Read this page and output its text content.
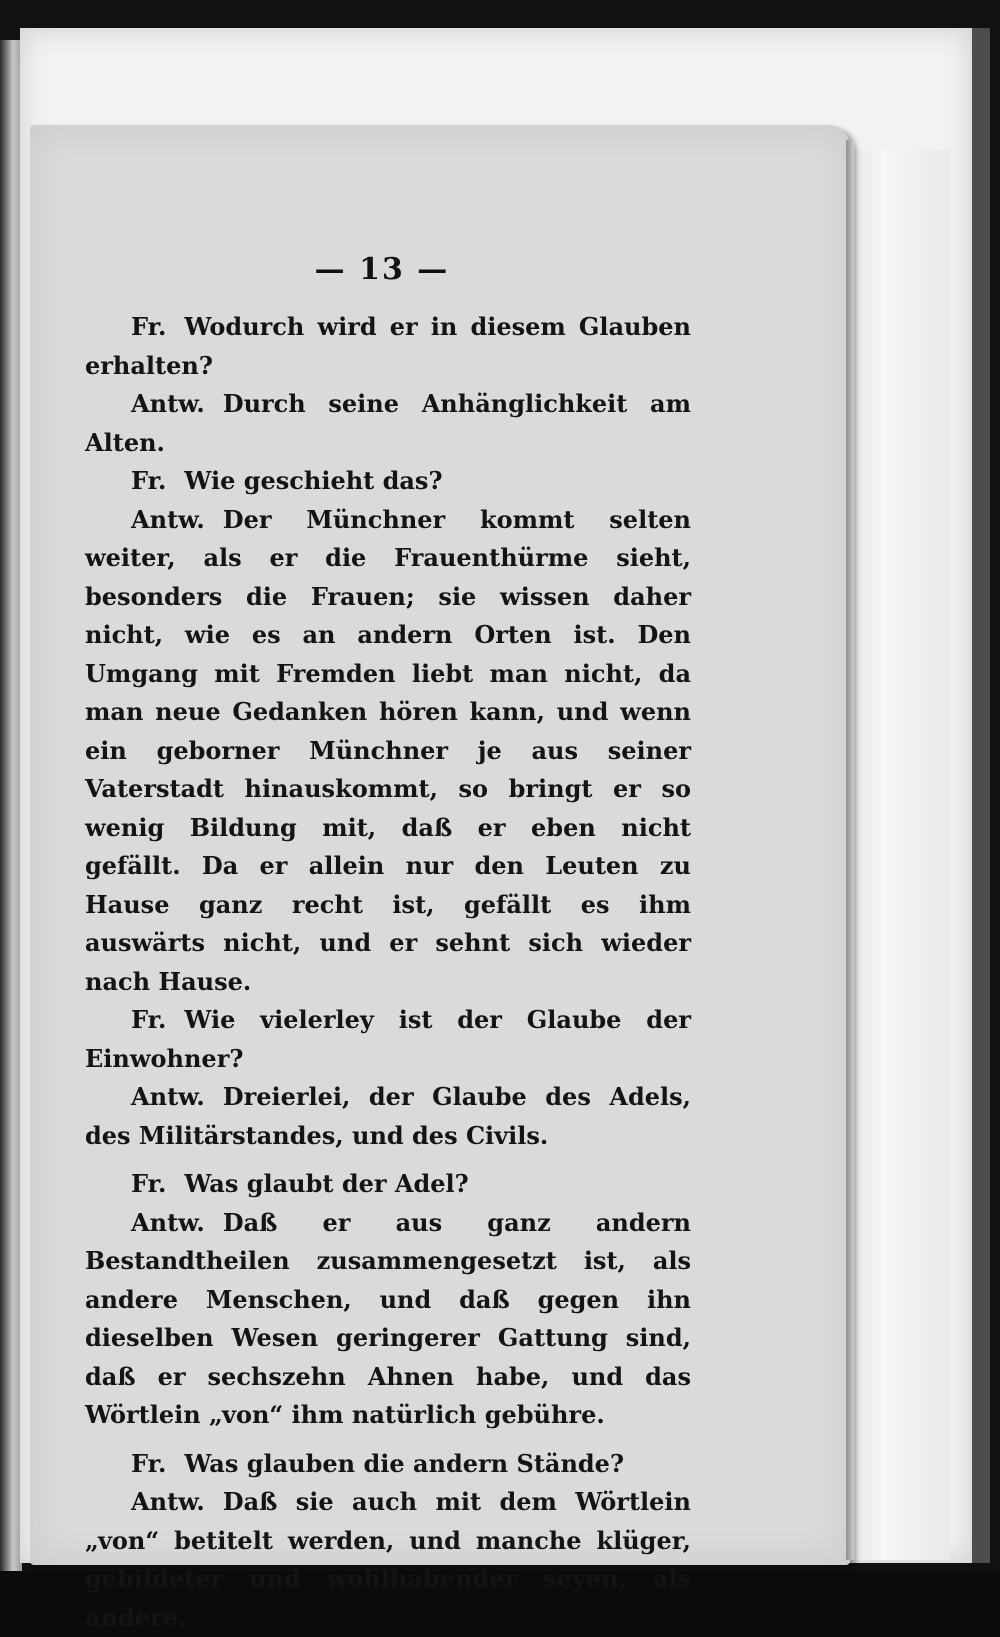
— 13 —

Fr. Wodurch wird er in diesem Glauben erhalten?

Antw. Durch seine Anhänglichkeit am Alten.

Fr. Wie geschieht das?

Antw. Der Münchner kommt selten weiter, als er die Frauenthürme sieht, besonders die Frauen; sie wissen daher nicht, wie es an andern Orten ist. Den Umgang mit Fremden liebt man nicht, da man neue Gedanken hören kann, und wenn ein geborner Münchner je aus seiner Vaterstadt hinauskommt, so bringt er so wenig Bildung mit, daß er eben nicht gefällt. Da er allein nur den Leuten zu Hause ganz recht ist, gefällt es ihm auswärts nicht, und er sehnt sich wieder nach Hause.

Fr. Wie vielerley ist der Glaube der Einwohner?

Antw. Dreierlei, der Glaube des Adels, des Militärstandes, und des Civils.

Fr. Was glaubt der Adel?

Antw. Daß er aus ganz andern Bestandtheilen zusammengesetzt ist, als andere Menschen, und daß gegen ihn dieselben Wesen geringerer Gattung sind, daß er sechszehn Ahnen habe, und das Wörtlein „von“ ihm natürlich gebühre.

Fr. Was glauben die andern Stände?

Antw. Daß sie auch mit dem Wörtlein „von“ betitelt werden, und manche klüger, gebildeter und wohlhabender seyen, als andere.
